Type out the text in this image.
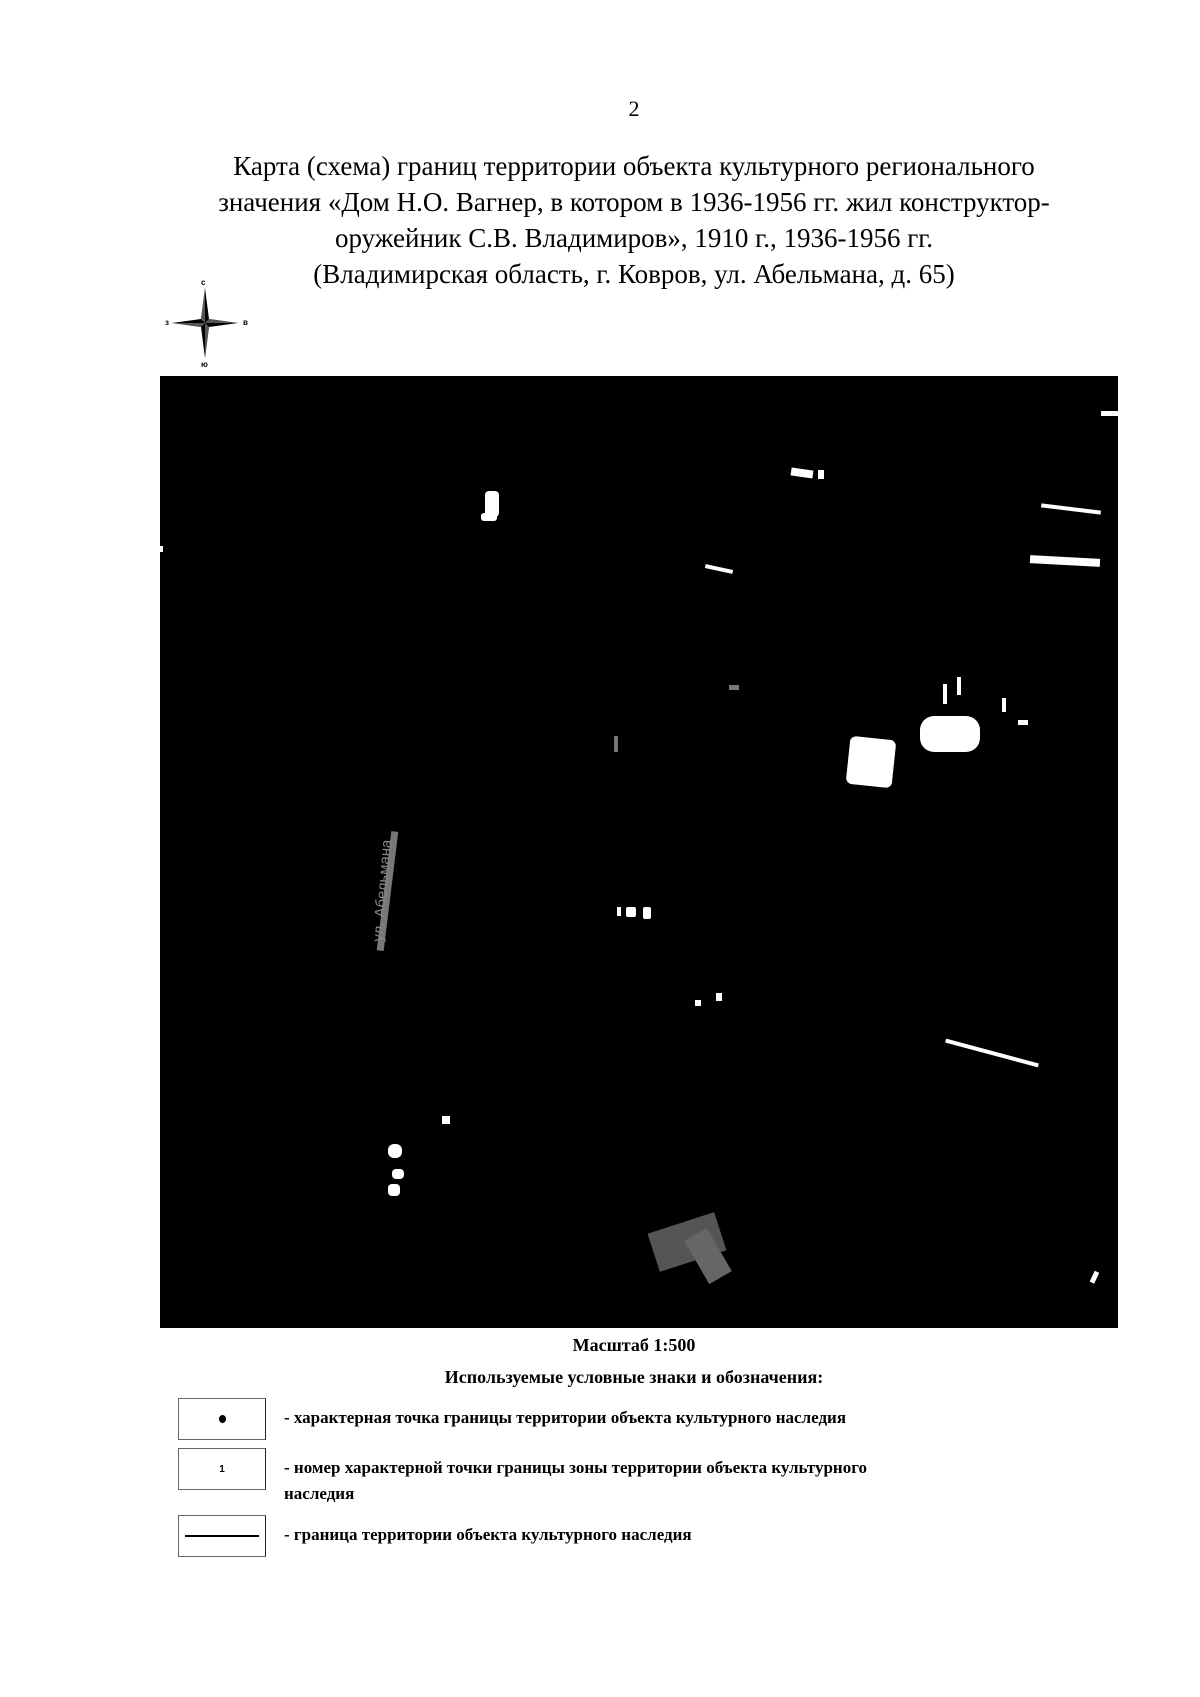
2
Карта (схема) границ территории объекта культурного регионального
значения «Дом Н.О. Вагнер, в котором в 1936-1956 гг. жил конструктор-
оружейник С.В. Владимиров», 1910 г., 1936-1956 гг.
(Владимирская область, г. Ковров, ул. Абельмана, д. 65)
с
ю
з	в
ул. Абельмана
Масштаб 1:500
Используемые условные знаки и обозначения:
- характерная точка границы территории объекта культурного наследия
1	- номер характерной точки границы зоны территории объекта культурного наследия
- граница территории объекта культурного наследия
